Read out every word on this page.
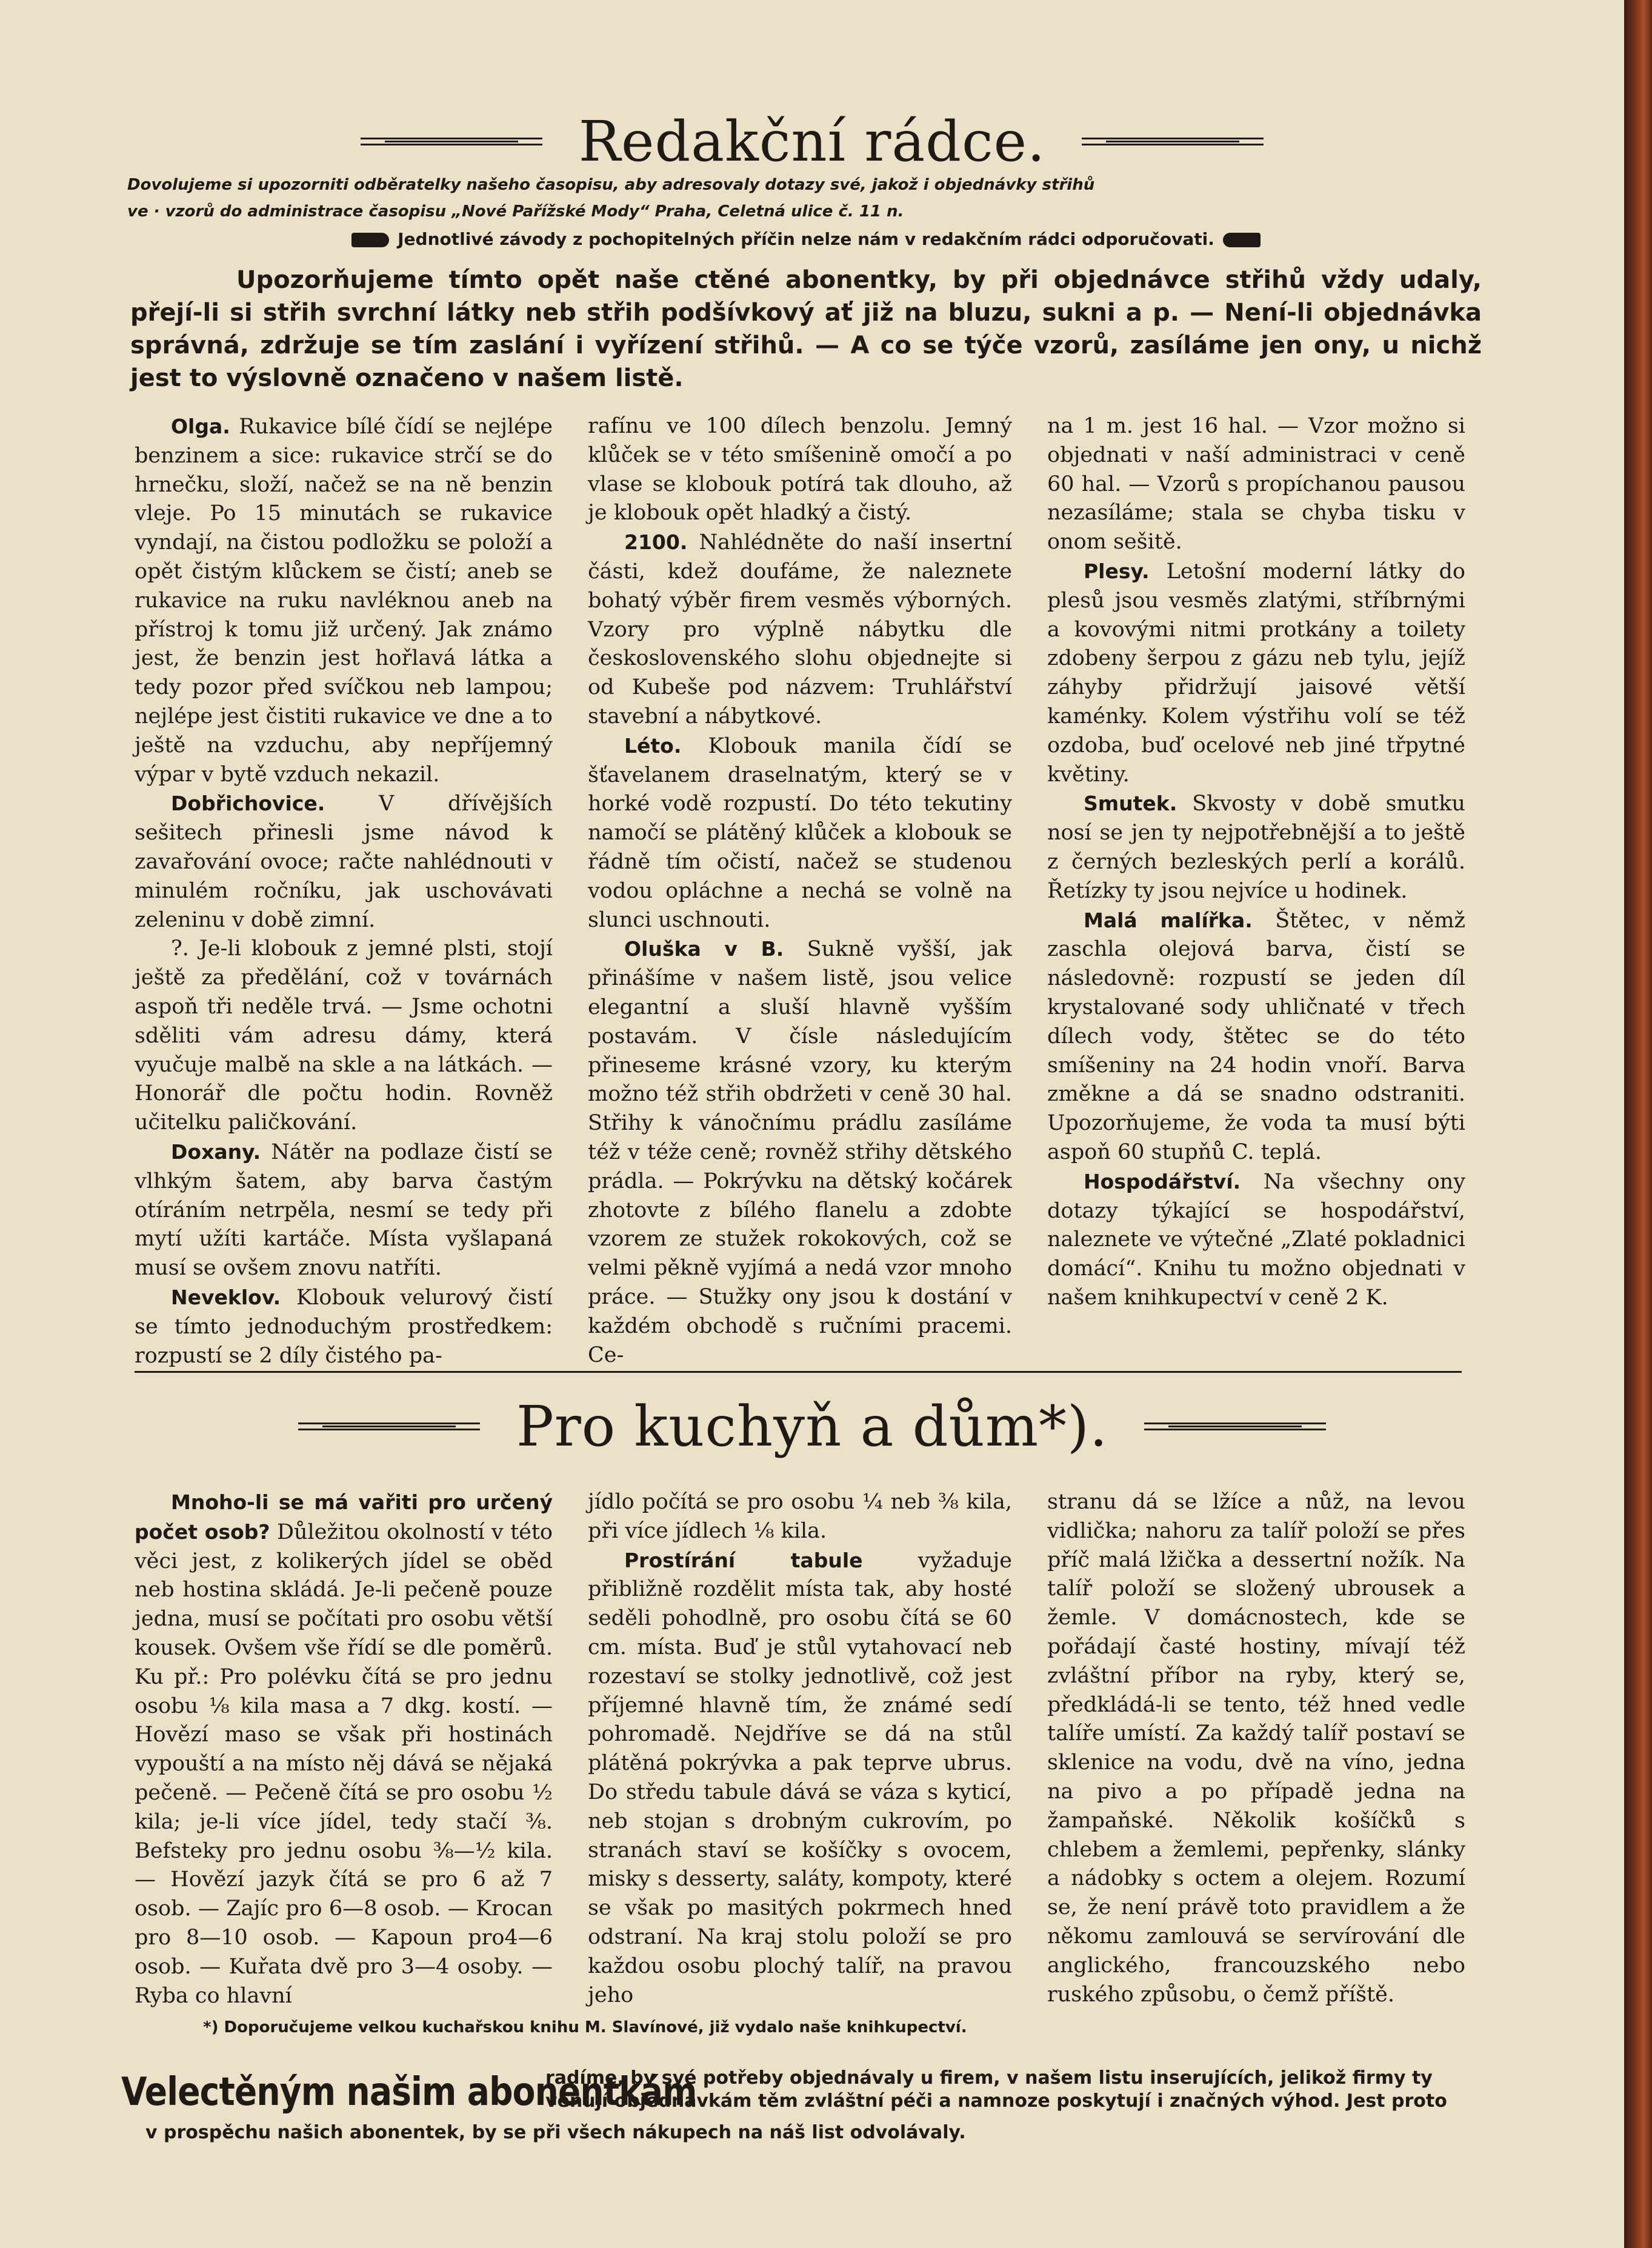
Redakční rádce.
Dovolujeme si upozorniti odběratelky našeho časopisu, aby adresovaly dotazy své, jakož i objednávky střihů
ve · vzorů do administrace časopisu „Nové Pařížské Mody“ Praha, Celetná ulice č. 11 n.
Jednotlivé závody z pochopitelných příčin nelze nám v redakčním rádci odporučovati.

Upozorňujeme tímto opět naše ctěné abonentky, by při objednávce střihů vždy udaly, přejí-li si střih svrchní látky neb střih podšívkový ať již na bluzu, sukni a p. — Není-li objednávka správná, zdržuje se tím zaslání i vyřízení střihů. — A co se týče vzorů, zasíláme jen ony, u nichž jest to výslovně označeno v našem listě.

Olga. Rukavice bílé čídí se nejlépe benzinem a sice: rukavice strčí se do hrnečku, složí, načež se na ně benzin vleje. Po 15 minutách se rukavice vyndají, na čistou podložku se položí a opět čistým klůckem se čistí; aneb se rukavice na ruku navléknou aneb na přístroj k tomu již určený. Jak známo jest, že benzin jest hořlavá látka a tedy pozor před svíčkou neb lampou; nejlépe jest čistiti rukavice ve dne a to ještě na vzduchu, aby nepříjemný výpar v bytě vzduch nekazil.

Dobřichovice.	V dřívějších sešitech přinesli jsme návod k zavařování ovoce; račte nahlédnouti v minulém ročníku, jak uschovávati zeleninu v době zimní.

?. Je-li klobouk z jemné plsti, stojí ještě za předělání, což v továrnách aspoň tři neděle trvá. — Jsme ochotni sděliti vám adresu dámy, která vyučuje malbě na skle a na látkách. — Honorář dle počtu hodin. Rovněž učitelku paličkování.

Doxany. Nátěr na podlaze čistí se vlhkým šatem, aby barva častým otíráním netrpěla, nesmí se tedy při mytí užíti kartáče. Místa vyšlapaná musí se ovšem znovu natříti.

Neveklov. Klobouk velurový čistí se tímto jednoduchým prostředkem: rozpustí se 2 díly čistého pa-

rafínu ve 100 dílech benzolu. Jemný klůček se v této smíšenině omočí a po vlase se klobouk potírá tak dlouho, až je klobouk opět hladký a čistý.

2100. Nahlédněte do naší insertní části, kdež doufáme, že naleznete bohatý výběr firem vesměs výborných. Vzory pro výplně nábytku dle československého slohu objednejte si od Kubeše pod názvem: Truhlářství stavební a nábytkové.

Léto. Klobouk manila čídí se šťavelanem draselnatým, který se v horké vodě rozpustí. Do této tekutiny namočí se plátěný klůček a klobouk se řádně tím očistí, načež se studenou vodou opláchne a nechá se volně na slunci uschnouti.

Oluška v B. Sukně vyšší, jak přinášíme v našem listě, jsou velice elegantní a sluší hlavně vyšším postavám. V čísle následujícím přineseme krásné vzory, ku kterým možno též střih obdržeti v ceně 30 hal. Střihy k vánočnímu prádlu zasíláme též v téže ceně; rovněž střihy dětského prádla. — Pokrývku na dětský kočárek zhotovte z bílého flanelu a zdobte vzorem ze stužek rokokových, což se velmi pěkně vyjímá a nedá vzor mnoho práce. — Stužky ony jsou k dostání v každém obchodě s ručními pracemi. Ce-

na 1 m. jest 16 hal. — Vzor možno si objednati v naší administraci v ceně 60 hal. — Vzorů s propíchanou pausou nezasíláme; stala se chyba tisku v onom sešitě.

Plesy. Letošní moderní látky do plesů jsou vesměs zlatými, stříbrnými a kovovými nitmi protkány a toilety zdobeny šerpou z gázu neb tylu, jejíž záhyby přidržují jaisové větší kaménky. Kolem výstřihu volí se též ozdoba, buď ocelové neb jiné třpytné květiny.

Smutek. Skvosty v době smutku nosí se jen ty nejpotřebnější a to ještě z černých bezleských perlí a korálů. Řetízky ty jsou nejvíce u hodinek.

Malá malířka. Štětec, v němž zaschla olejová barva, čistí se následovně: rozpustí se jeden díl krystalované sody uhličnaté v třech dílech vody, štětec se do této smíšeniny na 24 hodin vnoří. Barva změkne a dá se snadno odstraniti. Upozorňujeme, že voda ta musí býti aspoň 60 stupňů C. teplá.

Hospodářství. Na všechny ony dotazy týkající se hospodářství, naleznete ve výtečné „Zlaté pokladnici domácí“. Knihu tu možno objednati v našem knihkupectví v ceně 2 K.

Pro kuchyň a dům*).

Mnoho-li se má vařiti pro určený počet osob? Důležitou okolností v této věci jest, z kolikerých jídel se oběd neb hostina skládá. Je-li pečeně pouze jedna, musí se počítati pro osobu větší kousek. Ovšem vše řídí se dle poměrů. Ku př.: Pro polévku čítá se pro jednu osobu ⅛ kila masa a 7 dkg. kostí. — Hovězí maso se však při hostinách vypouští a na místo něj dává se nějaká pečeně. — Pečeně čítá se pro osobu ½ kila; je-li více jídel, tedy stačí ⅜. Befsteky pro jednu osobu ⅜—½ kila. — Hovězí jazyk čítá se pro 6 až 7 osob. — Zajíc pro 6—8 osob. — Krocan pro 8—10 osob. — Kapoun pro4—6 osob. — Kuřata dvě pro 3—4 osoby. — Ryba co hlavní

jídlo počítá se pro osobu ¼ neb ⅜ kila, při více jídlech ⅛ kila.

Prostírání tabule	vyžaduje přibližně rozdělit místa tak, aby hosté seděli pohodlně, pro osobu čítá se 60 cm. místa. Buď je stůl vytahovací neb rozestaví se stolky jednotlivě, což jest příjemné hlavně tím, že známé sedí pohromadě. Nejdříve se dá na stůl plátěná pokrývka a pak teprve ubrus. Do středu tabule dává se váza s kyticí, neb stojan s drobným cukrovím, po stranách staví se košíčky s ovocem, misky s desserty, saláty, kompoty, které se však po masitých pokrmech hned odstraní. Na kraj stolu položí se pro každou osobu plochý talíř, na pravou jeho

stranu dá se lžíce a nůž, na levou vidlička; nahoru za talíř položí se přes příč malá lžička a dessertní nožík. Na talíř položí se složený ubrousek a žemle. V domácnostech, kde se pořádají časté hostiny, mívají též zvláštní příbor na ryby, který se, předkládá-li se tento, též hned vedle talíře umístí. Za každý talíř postaví se sklenice na vodu, dvě na víno, jedna na pivo a po případě jedna na žampaňské. Několik košíčků s chlebem a žemlemi, pepřenky, slánky a nádobky s octem a olejem. Rozumí se, že není právě toto pravidlem a že někomu zamlouvá se servírování dle anglického, francouzského nebo ruského způsobu, o čemž příště.

*) Doporučujeme velkou kuchařskou knihu M. Slavínové, již vydalo naše knihkupectví.
Velectěným našim abonentkám
radíme, by své potřeby objednávaly u firem, v našem listu inserujících, jelikož firmy ty
věnují objednávkám těm zvláštní péči a namnoze poskytují i značných výhod. Jest proto
v prospěchu našich abonentek, by se při všech nákupech na náš list odvolávaly.
